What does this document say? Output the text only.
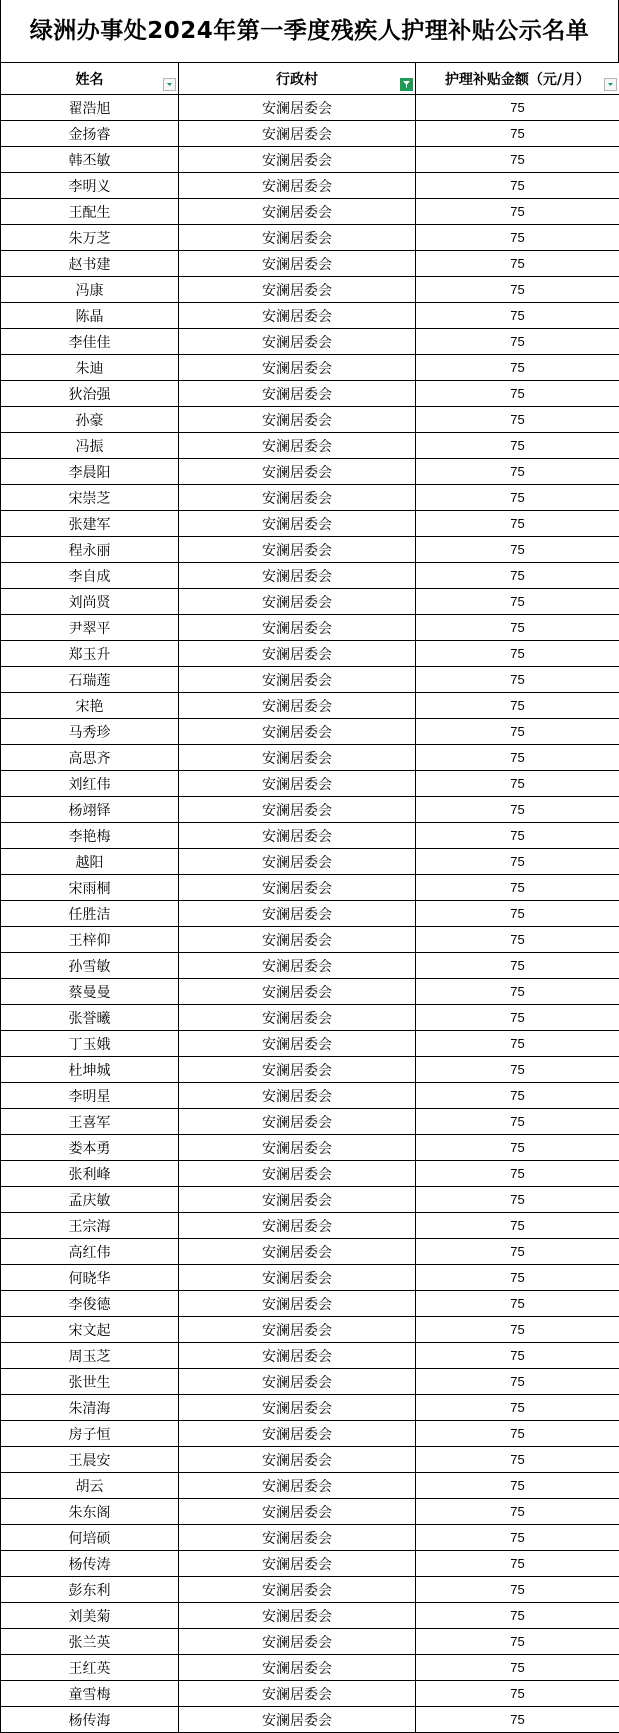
绿洲办事处2024年第一季度残疾人护理补贴公示名单
姓名	行政村	护理补贴金额（元/月）

翟浩旭	安澜居委会	75
金扬睿	安澜居委会	75
韩丕敏	安澜居委会	75
李明义	安澜居委会	75
王配生	安澜居委会	75
朱万芝	安澜居委会	75
赵书建	安澜居委会	75
冯康	安澜居委会	75
陈晶	安澜居委会	75
李佳佳	安澜居委会	75
朱迪	安澜居委会	75
狄治强	安澜居委会	75
孙豪	安澜居委会	75
冯振	安澜居委会	75
李晨阳	安澜居委会	75
宋崇芝	安澜居委会	75
张建军	安澜居委会	75
程永丽	安澜居委会	75
李自成	安澜居委会	75
刘尚贤	安澜居委会	75
尹翠平	安澜居委会	75
郑玉升	安澜居委会	75
石瑞莲	安澜居委会	75
宋艳	安澜居委会	75
马秀珍	安澜居委会	75
高思齐	安澜居委会	75
刘红伟	安澜居委会	75
杨翊铎	安澜居委会	75
李艳梅	安澜居委会	75
越阳	安澜居委会	75
宋雨桐	安澜居委会	75
任胜洁	安澜居委会	75
王梓仰	安澜居委会	75
孙雪敏	安澜居委会	75
蔡曼曼	安澜居委会	75
张誉曦	安澜居委会	75
丁玉娥	安澜居委会	75
杜坤城	安澜居委会	75
李明星	安澜居委会	75
王喜军	安澜居委会	75
娄本勇	安澜居委会	75
张利峰	安澜居委会	75
孟庆敏	安澜居委会	75
王宗海	安澜居委会	75
高红伟	安澜居委会	75
何晓华	安澜居委会	75
李俊德	安澜居委会	75
宋文起	安澜居委会	75
周玉芝	安澜居委会	75
张世生	安澜居委会	75
朱清海	安澜居委会	75
房子恒	安澜居委会	75
王晨安	安澜居委会	75
胡云	安澜居委会	75
朱东阁	安澜居委会	75
何培硕	安澜居委会	75
杨传涛	安澜居委会	75
彭东利	安澜居委会	75
刘美菊	安澜居委会	75
张兰英	安澜居委会	75
王红英	安澜居委会	75
童雪梅	安澜居委会	75
杨传海	安澜居委会	75
